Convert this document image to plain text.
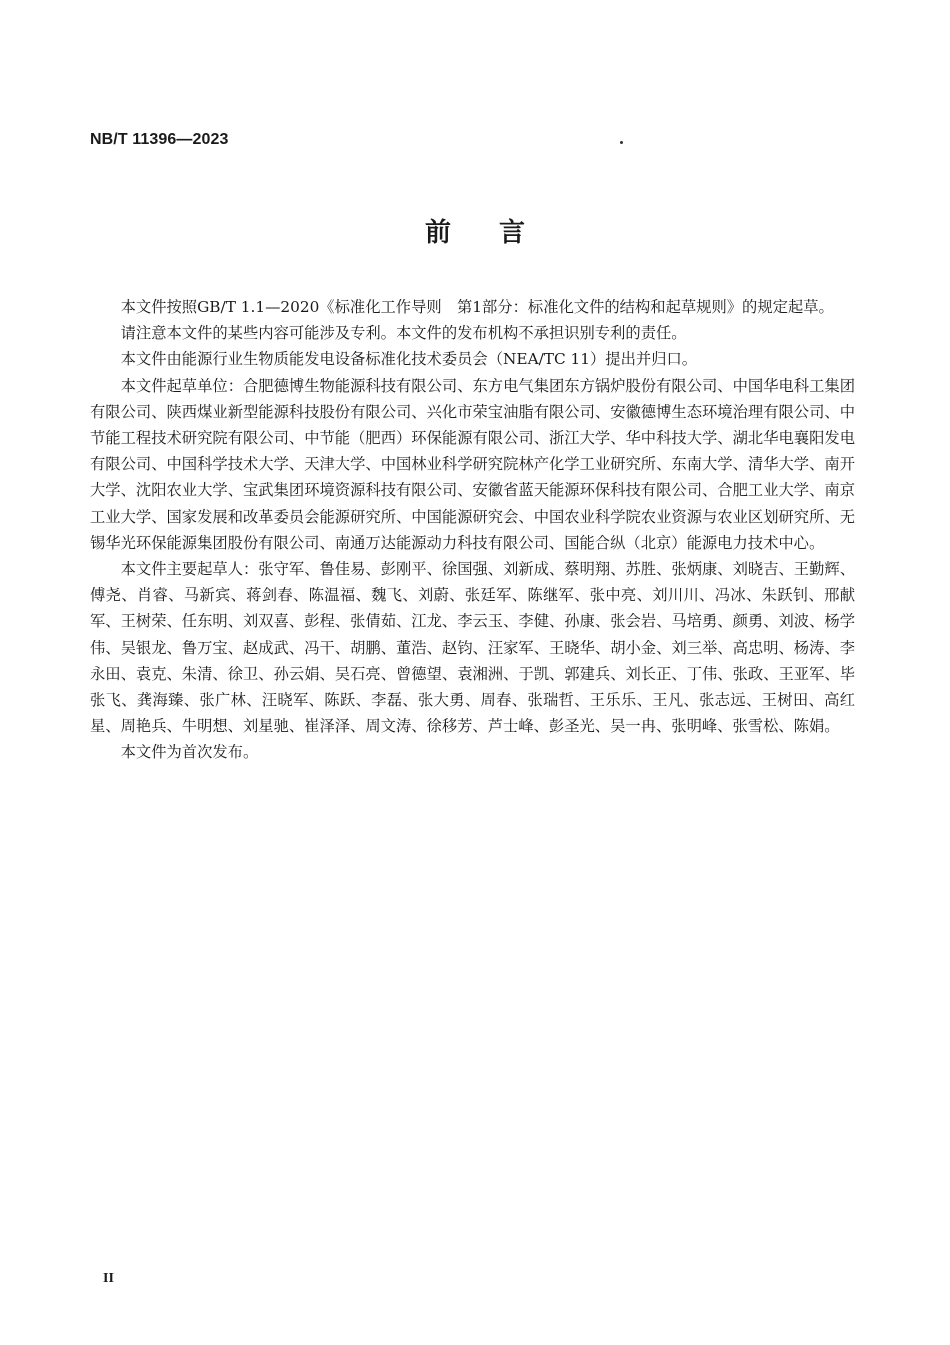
NB/T 11396—2023
前言

本文件按照GB/T 1.1—2020《标准化工作导则　第1部分：标准化文件的结构和起草规则》的规定起草。

请注意本文件的某些内容可能涉及专利。本文件的发布机构不承担识别专利的责任。

本文件由能源行业生物质能发电设备标准化技术委员会（NEA/TC 11）提出并归口。

本文件起草单位：合肥德博生物能源科技有限公司、东方电气集团东方锅炉股份有限公司、中国华电科工集团有限公司、陕西煤业新型能源科技股份有限公司、兴化市荣宝油脂有限公司、安徽德博生态环境治理有限公司、中节能工程技术研究院有限公司、中节能（肥西）环保能源有限公司、浙江大学、华中科技大学、湖北华电襄阳发电有限公司、中国科学技术大学、天津大学、中国林业科学研究院林产化学工业研究所、东南大学、清华大学、南开大学、沈阳农业大学、宝武集团环境资源科技有限公司、安徽省蓝天能源环保科技有限公司、合肥工业大学、南京工业大学、国家发展和改革委员会能源研究所、中国能源研究会、中国农业科学院农业资源与农业区划研究所、无锡华光环保能源集团股份有限公司、南通万达能源动力科技有限公司、国能合纵（北京）能源电力技术中心。

本文件主要起草人：张守军、鲁佳易、彭刚平、徐国强、刘新成、蔡明翔、苏胜、张炳康、刘晓吉、王勤辉、傅尧、肖睿、马新宾、蒋剑春、陈温福、魏飞、刘蔚、张廷军、陈继军、张中亮、刘川川、冯冰、朱跃钊、邢献军、王树荣、任东明、刘双喜、彭程、张倩茹、江龙、李云玉、李健、孙康、张会岩、马培勇、颜勇、刘波、杨学伟、吴银龙、鲁万宝、赵成武、冯干、胡鹏、董浩、赵钧、汪家军、王晓华、胡小金、刘三举、高忠明、杨涛、李永田、袁克、朱清、徐卫、孙云娟、吴石亮、曾德望、袁湘洲、于凯、郭建兵、刘长正、丁伟、张政、王亚军、毕张飞、龚海臻、张广林、汪晓军、陈跃、李磊、张大勇、周春、张瑞哲、王乐乐、王凡、张志远、王树田、高红星、周艳兵、牛明想、刘星驰、崔泽泽、周文涛、徐移芳、芦士峰、彭圣光、吴一冉、张明峰、张雪松、陈娟。

本文件为首次发布。

II
